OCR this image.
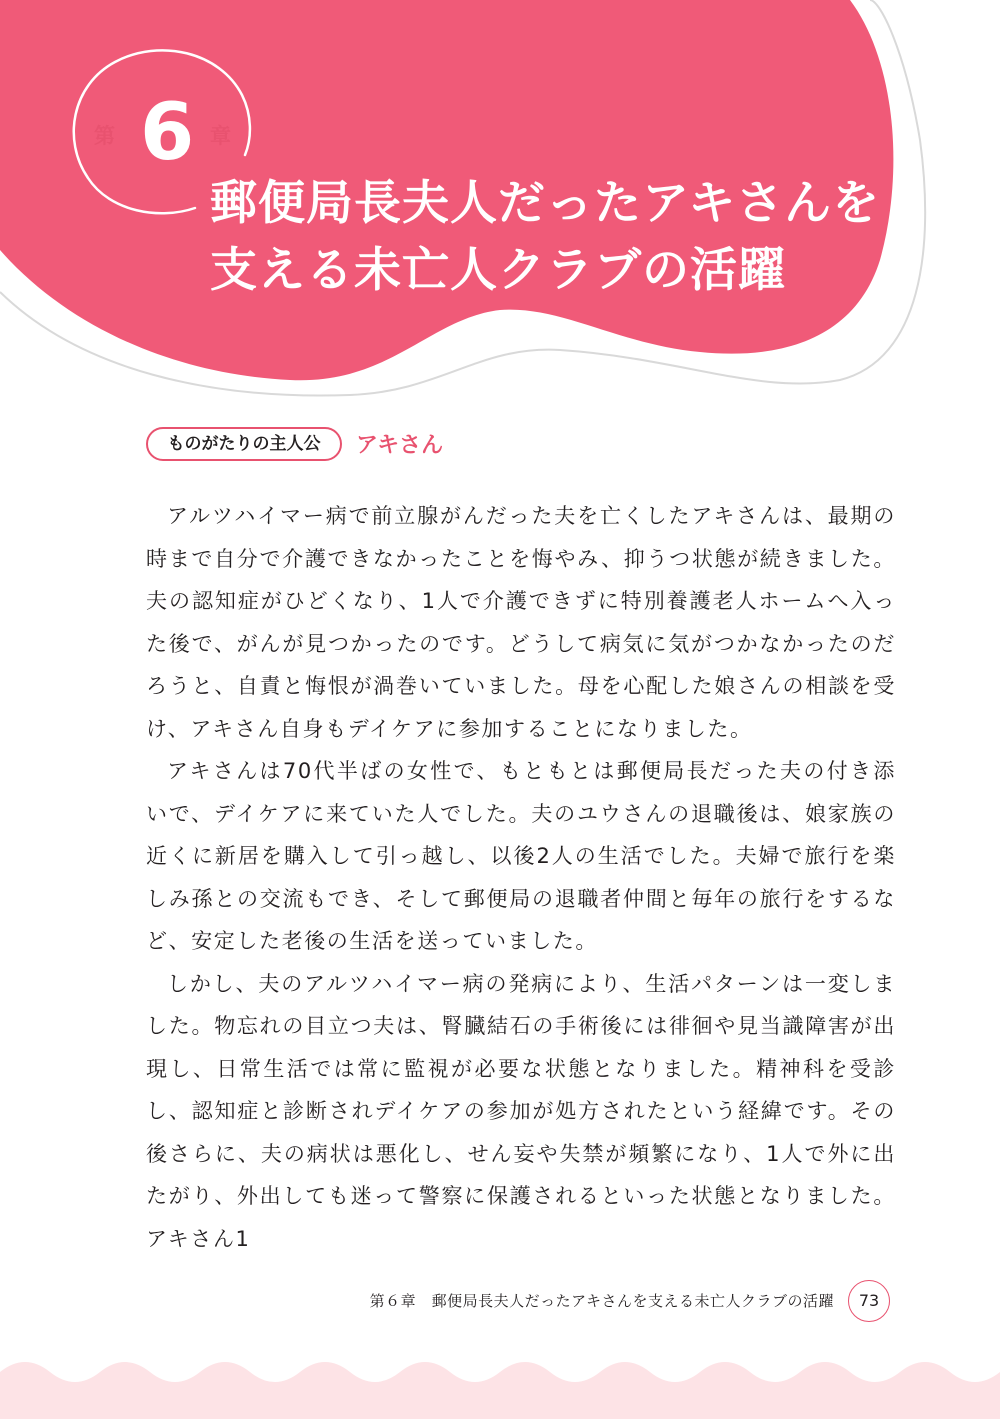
第 6 章
郵便局長夫人だったアキさんを
支える未亡人クラブの活躍
ものがたりの主人公	アキさん

アルツハイマー病で前立腺がんだった夫を亡くしたアキさんは、最期の時まで自分で介護できなかったことを悔やみ、抑うつ状態が続きました。夫の認知症がひどくなり、1人で介護できずに特別養護老人ホームへ入った後で、がんが見つかったのです。どうして病気に気がつかなかったのだろうと、自責と悔恨が渦巻いていました。母を心配した娘さんの相談を受け、アキさん自身もデイケアに参加することになりました。

アキさんは70代半ばの女性で、もともとは郵便局長だった夫の付き添いで、デイケアに来ていた人でした。夫のユウさんの退職後は、娘家族の近くに新居を購入して引っ越し、以後2人の生活でした。夫婦で旅行を楽しみ孫との交流もでき、そして郵便局の退職者仲間と毎年の旅行をするなど、安定した老後の生活を送っていました。

しかし、夫のアルツハイマー病の発病により、生活パターンは一変しました。物忘れの目立つ夫は、腎臓結石の手術後には徘徊や見当識障害が出現し、日常生活では常に監視が必要な状態となりました。精神科を受診し、認知症と診断されデイケアの参加が処方されたという経緯です。その後さらに、夫の病状は悪化し、せん妄や失禁が頻繁になり、1人で外に出たがり、外出しても迷って警察に保護されるといった状態となりました。アキさん1

第６章　郵便局長夫人だったアキさんを支える未亡人クラブの活躍	73
